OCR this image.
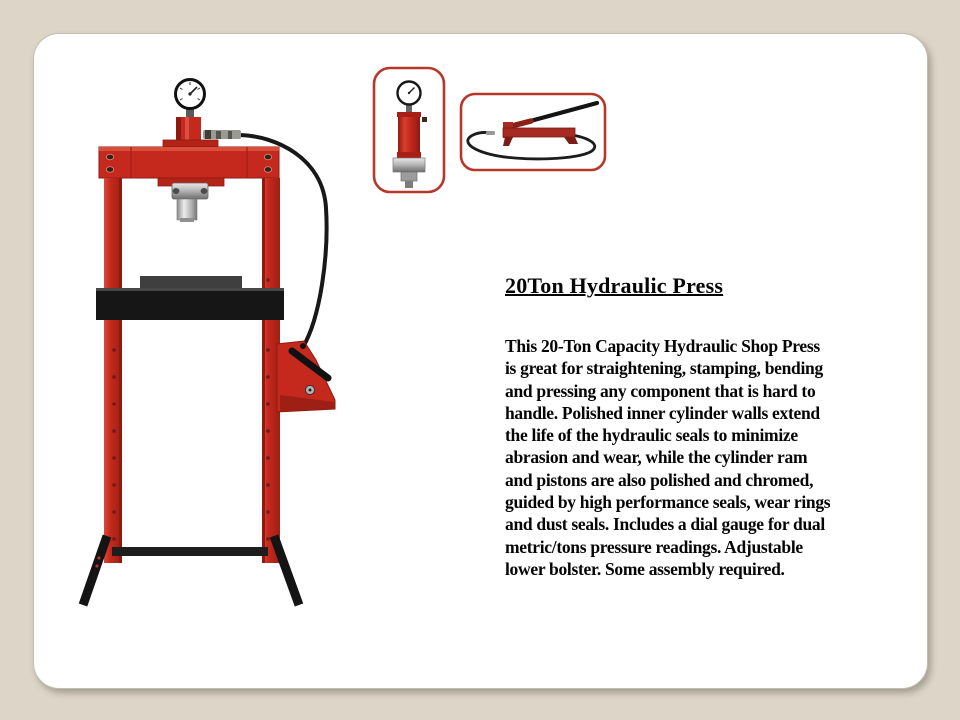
20Ton Hydraulic Press
This 20-Ton Capacity Hydraulic Shop Press
is great for straightening, stamping, bending
and pressing any component that is hard to
handle. Polished inner cylinder walls extend
the life of the hydraulic seals to minimize
abrasion and wear, while the cylinder ram
and pistons are also polished and chromed,
guided by high performance seals, wear rings
and dust seals. Includes a dial gauge for dual
metric/tons pressure readings. Adjustable
lower bolster. Some assembly required.
